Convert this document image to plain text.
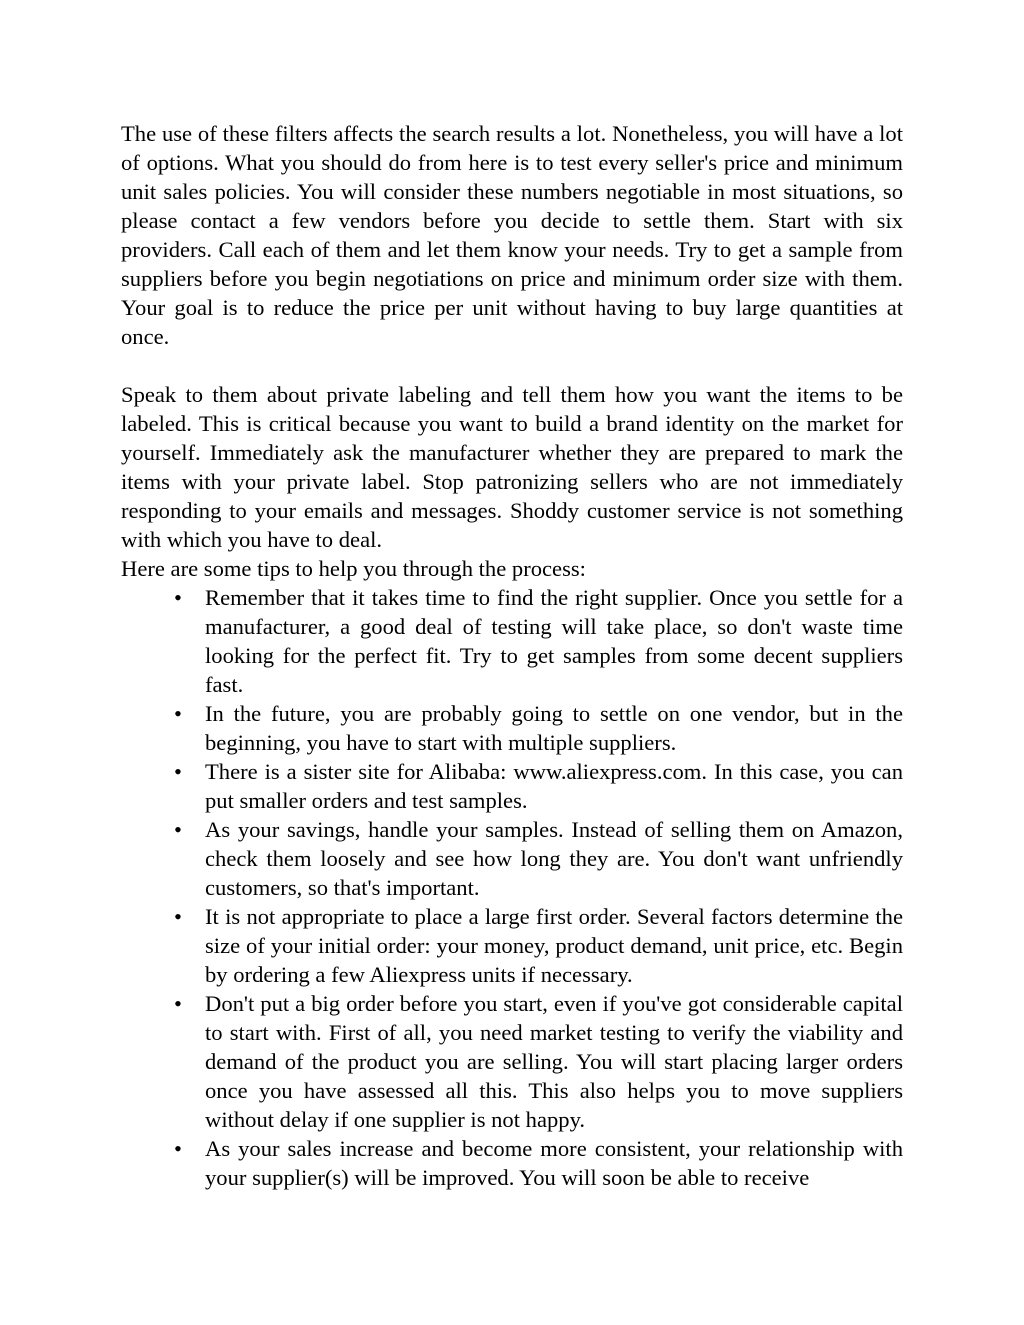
The use of these filters affects the search results a lot. Nonetheless, you will have a lot of options. What you should do from here is to test every seller's price and minimum unit sales policies. You will consider these numbers negotiable in most situations, so please contact a few vendors before you decide to settle them. Start with six providers. Call each of them and let them know your needs. Try to get a sample from suppliers before you begin negotiations on price and minimum order size with them. Your goal is to reduce the price per unit without having to buy large quantities at once.

Speak to them about private labeling and tell them how you want the items to be labeled. This is critical because you want to build a brand identity on the market for yourself. Immediately ask the manufacturer whether they are prepared to mark the items with your private label. Stop patronizing sellers who are not immediately responding to your emails and messages. Shoddy customer service is not something with which you have to deal.

Here are some tips to help you through the process:

• Remember that it takes time to find the right supplier. Once you settle for a manufacturer, a good deal of testing will take place, so don't waste time looking for the perfect fit. Try to get samples from some decent suppliers fast.
• In the future, you are probably going to settle on one vendor, but in the beginning, you have to start with multiple suppliers.
• There is a sister site for Alibaba: www.aliexpress.com. In this case, you can put smaller orders and test samples.
• As your savings, handle your samples. Instead of selling them on Amazon, check them loosely and see how long they are. You don't want unfriendly customers, so that's important.
• It is not appropriate to place a large first order. Several factors determine the size of your initial order: your money, product demand, unit price, etc. Begin by ordering a few Aliexpress units if necessary.
• Don't put a big order before you start, even if you've got considerable capital to start with. First of all, you need market testing to verify the viability and demand of the product you are selling. You will start placing larger orders once you have assessed all this. This also helps you to move suppliers without delay if one supplier is not happy.
• As your sales increase and become more consistent, your relationship with your supplier(s) will be improved. You will soon be able to receive
